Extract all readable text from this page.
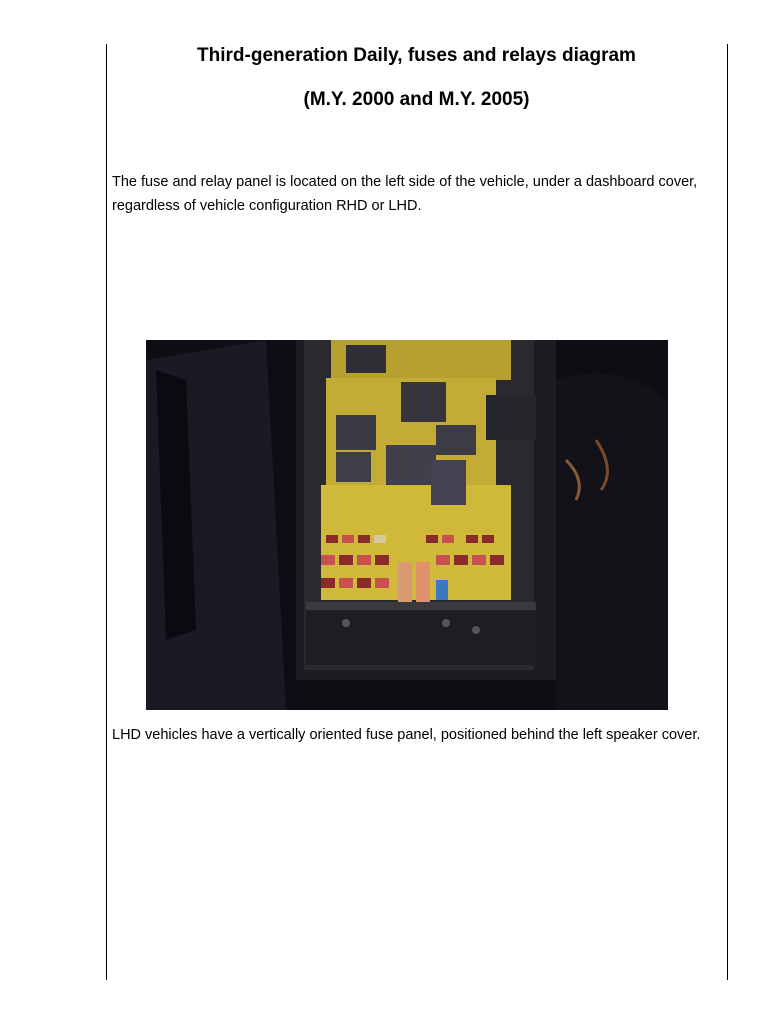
Third-generation Daily, fuses and relays diagram
(M.Y. 2000 and M.Y. 2005)
The fuse and relay panel is located on the left side of the vehicle, under a dashboard cover, regardless of vehicle configuration RHD or LHD.
LHD vehicles have a vertically oriented fuse panel, positioned behind the left speaker cover.
